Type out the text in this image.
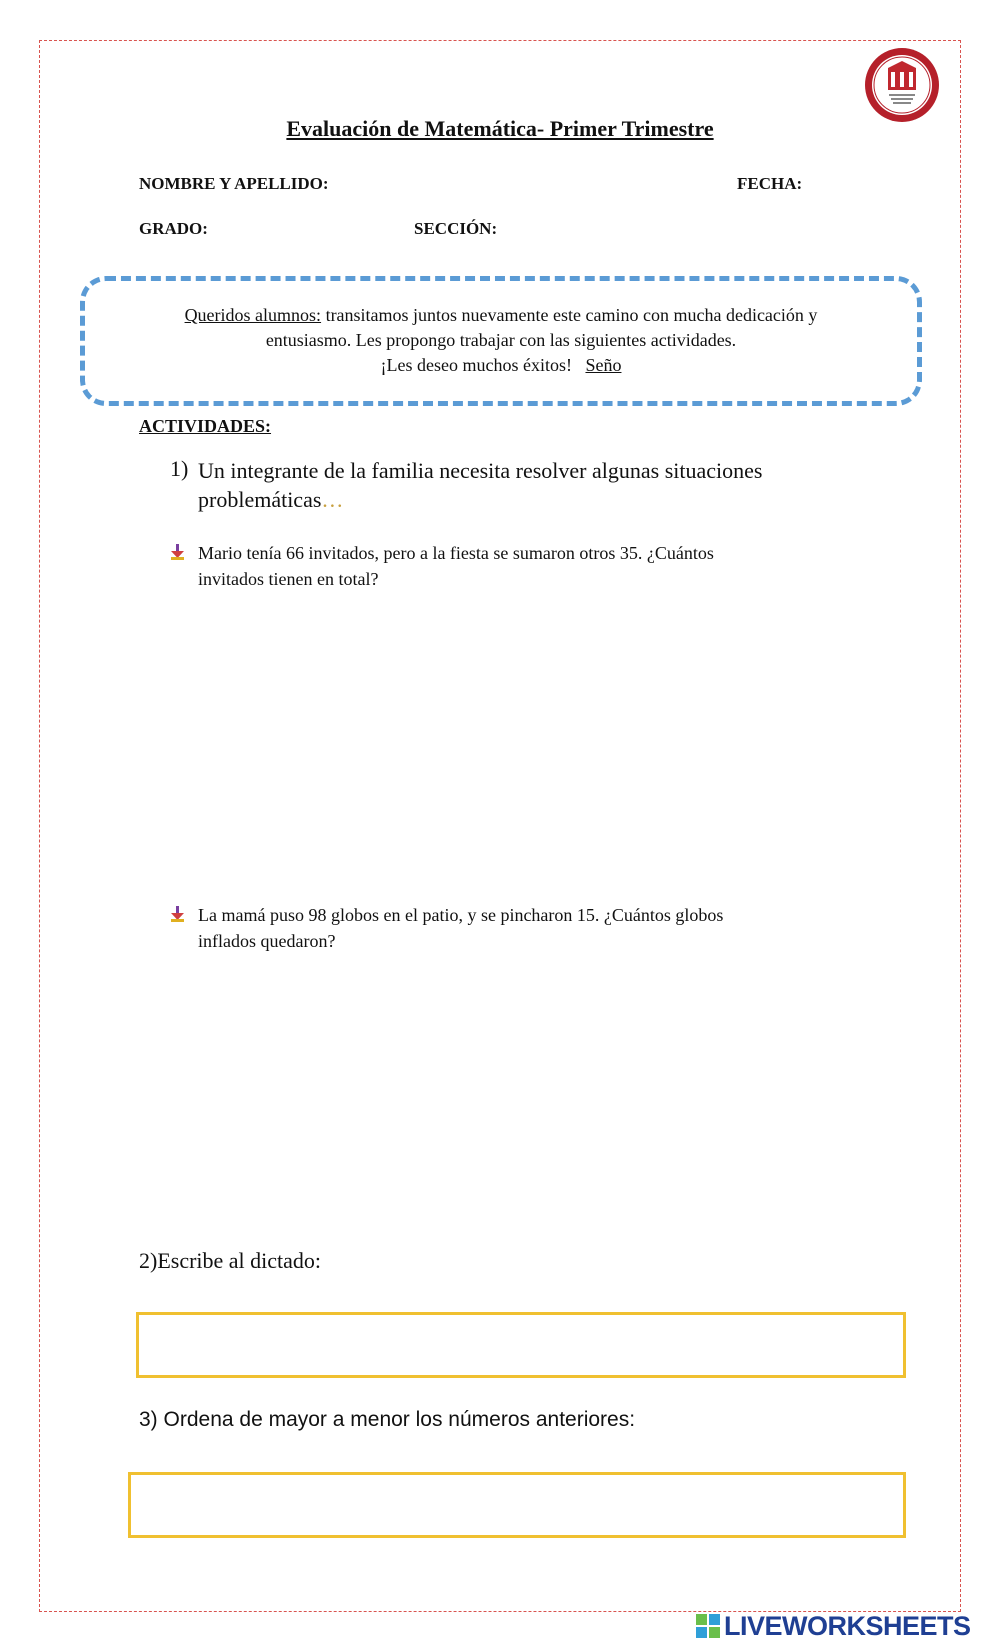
Evaluación de Matemática- Primer Trimestre
NOMBRE Y APELLIDO:	FECHA:
GRADO:	SECCIÓN:
Queridos alumnos: transitamos juntos nuevamente este camino con mucha dedicación y
entusiasmo. Les propongo trabajar con las siguientes actividades.
¡Les deseo muchos éxitos!   Seño
ACTIVIDADES:
1) Un integrante de la familia necesita resolver algunas situaciones
problemáticas…
Mario tenía 66 invitados, pero a la fiesta se sumaron otros 35. ¿Cuántos
invitados tienen en total?
La mamá puso 98 globos en el patio, y se pincharon 15. ¿Cuántos globos
inflados quedaron?
2)Escribe al dictado:
3) Ordena de mayor a menor los números anteriores:
LIVEWORKSHEETS
